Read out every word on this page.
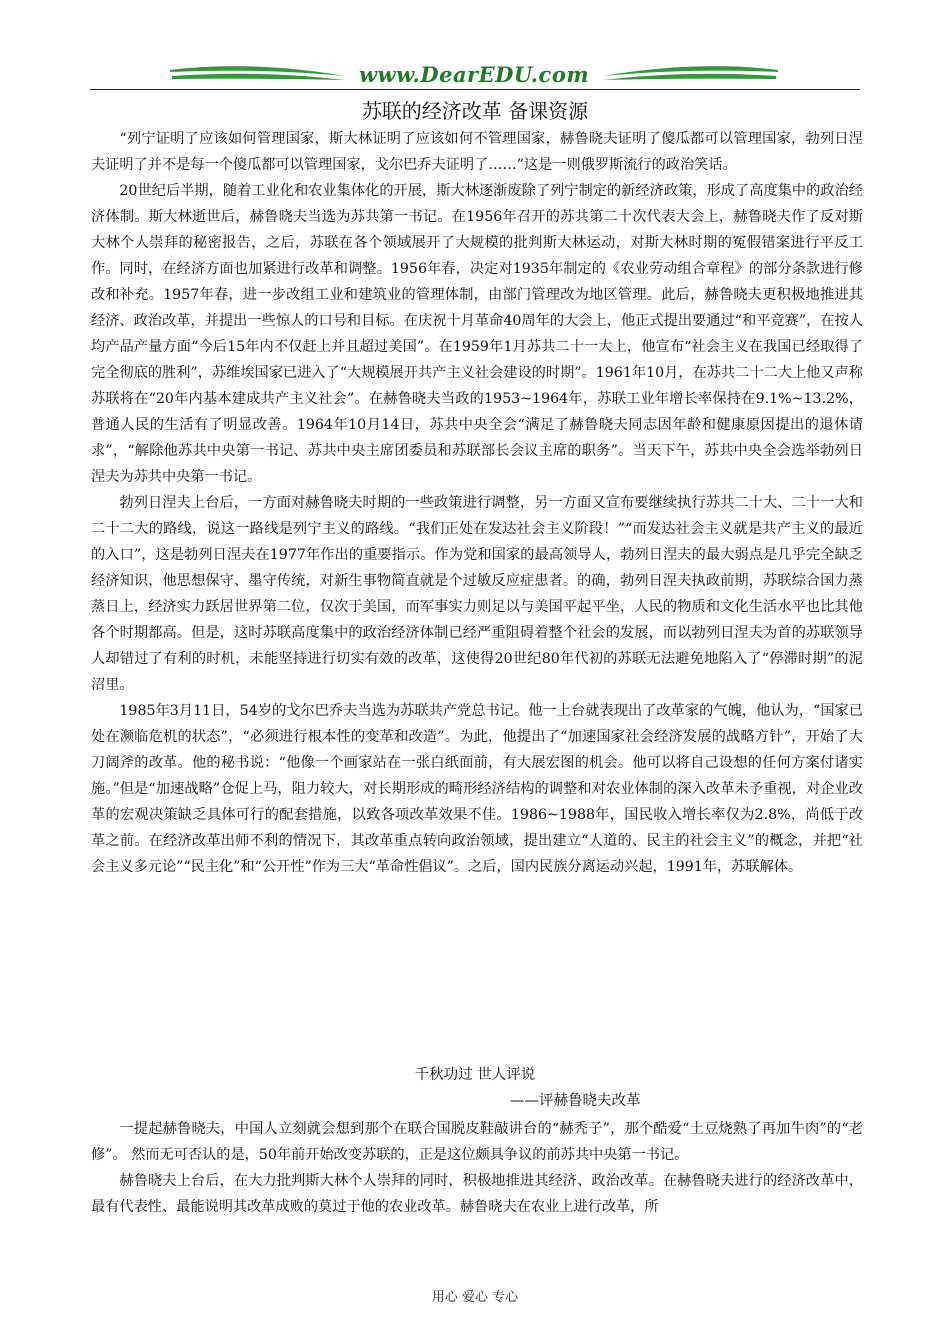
www.DearEDU.com
苏联的经济改革 备课资源

“列宁证明了应该如何管理国家，斯大林证明了应该如何不管理国家，赫鲁晓夫证明了傻瓜都可以管理国家，勃列日涅夫证明了并不是每一个傻瓜都可以管理国家，戈尔巴乔夫证明了……”这是一则俄罗斯流行的政治笑话。

20世纪后半期，随着工业化和农业集体化的开展，斯大林逐渐废除了列宁制定的新经济政策，形成了高度集中的政治经济体制。斯大林逝世后，赫鲁晓夫当选为苏共第一书记。在1956年召开的苏共第二十次代表大会上，赫鲁晓夫作了反对斯大林个人崇拜的秘密报告，之后，苏联在各个领域展开了大规模的批判斯大林运动，对斯大林时期的冤假错案进行平反工作。同时，在经济方面也加紧进行改革和调整。1956年春，决定对1935年制定的《农业劳动组合章程》的部分条款进行修改和补充。1957年春，进一步改组工业和建筑业的管理体制，由部门管理改为地区管理。此后，赫鲁晓夫更积极地推进其经济、政治改革，并提出一些惊人的口号和目标。在庆祝十月革命40周年的大会上，他正式提出要通过“和平竞赛”，在按人均产品产量方面“今后15年内不仅赶上并且超过美国”。在1959年1月苏共二十一大上，他宣布“社会主义在我国已经取得了完全彻底的胜利”，苏维埃国家已进入了“大规模展开共产主义社会建设的时期”。1961年10月，在苏共二十二大上他又声称苏联将在“20年内基本建成共产主义社会”。在赫鲁晓夫当政的1953~1964年，苏联工业年增长率保持在9.1%~13.2%，普通人民的生活有了明显改善。1964年10月14日，苏共中央全会“满足了赫鲁晓夫同志因年龄和健康原因提出的退休请求”，“解除他苏共中央第一书记、苏共中央主席团委员和苏联部长会议主席的职务”。当天下午，苏共中央全会选举勃列日涅夫为苏共中央第一书记。

勃列日涅夫上台后，一方面对赫鲁晓夫时期的一些政策进行调整，另一方面又宣布要继续执行苏共二十大、二十一大和二十二大的路线，说这一路线是列宁主义的路线。“我们正处在发达社会主义阶段！”“而发达社会主义就是共产主义的最近的入口”，这是勃列日涅夫在1977年作出的重要指示。作为党和国家的最高领导人，勃列日涅夫的最大弱点是几乎完全缺乏经济知识，他思想保守、墨守传统，对新生事物简直就是个过敏反应症患者。的确，勃列日涅夫执政前期，苏联综合国力蒸蒸日上，经济实力跃居世界第二位，仅次于美国，而军事实力则足以与美国平起平坐，人民的物质和文化生活水平也比其他各个时期都高。但是，这时苏联高度集中的政治经济体制已经严重阻碍着整个社会的发展，而以勃列日涅夫为首的苏联领导人却错过了有利的时机，未能坚持进行切实有效的改革，这使得20世纪80年代初的苏联无法避免地陷入了“停滞时期”的泥沼里。

1985年3月11日，54岁的戈尔巴乔夫当选为苏联共产党总书记。他一上台就表现出了改革家的气魄，他认为，“国家已处在濒临危机的状态”，“必须进行根本性的变革和改造”。为此，他提出了“加速国家社会经济发展的战略方针”，开始了大刀阔斧的改革。他的秘书说：“他像一个画家站在一张白纸面前，有大展宏图的机会。他可以将自己设想的任何方案付诸实施。”但是“加速战略”仓促上马，阻力较大，对长期形成的畸形经济结构的调整和对农业体制的深入改革未予重视，对企业改革的宏观决策缺乏具体可行的配套措施，以致各项改革效果不佳。1986~1988年，国民收入增长率仅为2.8%，尚低于改革之前。在经济改革出师不利的情况下，其改革重点转向政治领域，提出建立“人道的、民主的社会主义”的概念，并把“社会主义多元论”“民主化”和“公开性”作为三大“革命性倡议”。之后，国内民族分离运动兴起，1991年，苏联解体。

千秋功过 世人评说
——评赫鲁晓夫改革

一提起赫鲁晓夫，中国人立刻就会想到那个在联合国脱皮鞋敲讲台的“赫秃子”，那个酷爱“土豆烧熟了再加牛肉”的“老修”。 然而无可否认的是，50年前开始改变苏联的，正是这位颇具争议的前苏共中央第一书记。

赫鲁晓夫上台后，在大力批判斯大林个人崇拜的同时，积极地推进其经济、政治改革。在赫鲁晓夫进行的经济改革中，最有代表性、最能说明其改革成败的莫过于他的农业改革。赫鲁晓夫在农业上进行改革，所

用心 爱心 专心
